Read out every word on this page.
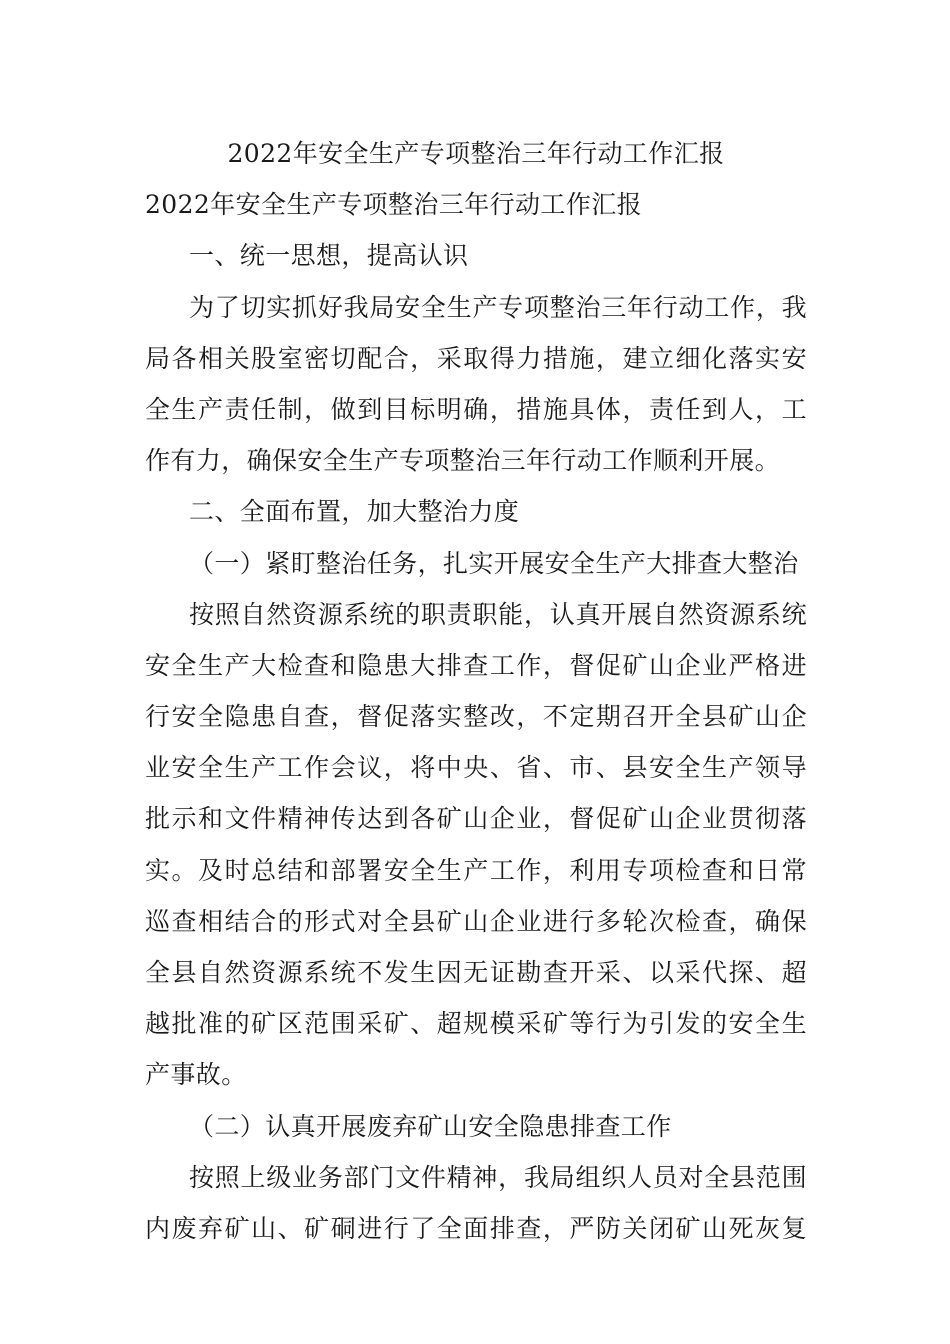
2022年安全生产专项整治三年行动工作汇报
2022年安全生产专项整治三年行动工作汇报
一、统一思想，提高认识
为了切实抓好我局安全生产专项整治三年行动工作，我
局各相关股室密切配合，采取得力措施，建立细化落实安
全生产责任制，做到目标明确，措施具体，责任到人，工
作有力，确保安全生产专项整治三年行动工作顺利开展。
二、全面布置，加大整治力度
（一）紧盯整治任务，扎实开展安全生产大排查大整治
按照自然资源系统的职责职能，认真开展自然资源系统
安全生产大检查和隐患大排查工作，督促矿山企业严格进
行安全隐患自查，督促落实整改，不定期召开全县矿山企
业安全生产工作会议，将中央、省、市、县安全生产领导
批示和文件精神传达到各矿山企业，督促矿山企业贯彻落
实。及时总结和部署安全生产工作，利用专项检查和日常
巡查相结合的形式对全县矿山企业进行多轮次检查，确保
全县自然资源系统不发生因无证勘查开采、以采代探、超
越批准的矿区范围采矿、超规模采矿等行为引发的安全生
产事故。
（二）认真开展废弃矿山安全隐患排查工作
按照上级业务部门文件精神，我局组织人员对全县范围
内废弃矿山、矿硐进行了全面排查，严防关闭矿山死灰复
